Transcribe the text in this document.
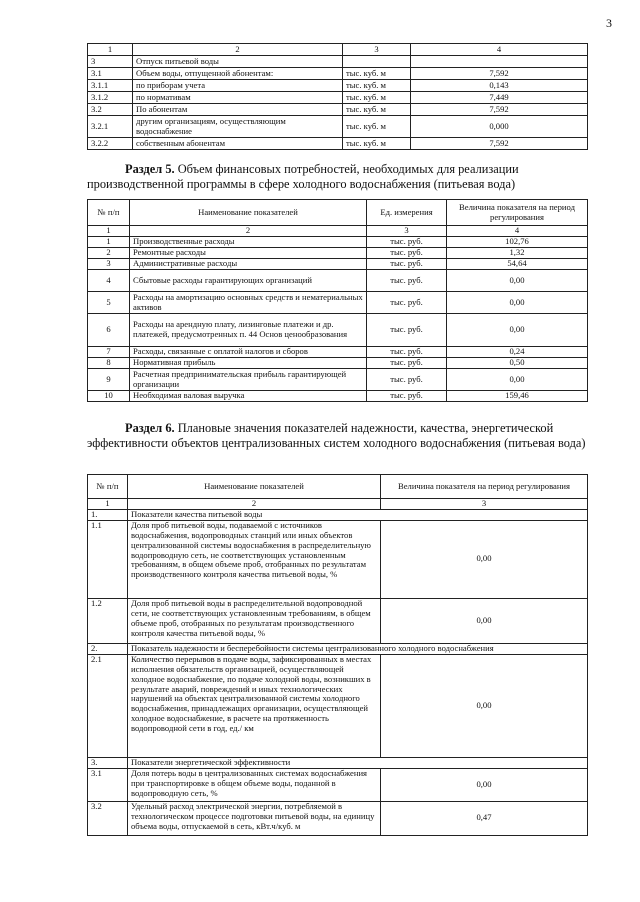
3
1	2	3	4
3	Отпуск питьевой воды		
3.1	Объем воды, отпущенной абонентам:	тыс. куб. м	7,592
3.1.1	по приборам учета	тыс. куб. м	0,143
3.1.2	по нормативам	тыс. куб. м	7,449
3.2	По абонентам	тыс. куб. м	7,592
3.2.1	другим организациям, осуществляющим водоснабжение	тыс. куб. м	0,000
3.2.2	собственным абонентам	тыс. куб. м	7,592
Раздел 5. Объем финансовых потребностей, необходимых для реализации производственной программы в сфере холодного водоснабжения (питьевая вода)
№ п/п	Наименование показателей	Ед. измерения	Величина показателя на период регулирования
1	2	3	4
1	Производственные расходы	тыс. руб.	102,76
2	Ремонтные расходы	тыс. руб.	1,32
3	Административные расходы	тыс. руб.	54,64
4	Сбытовые расходы гарантирующих организаций	тыс. руб.	0,00
5	Расходы на амортизацию основных средств и нематериальных активов	тыс. руб.	0,00
6	Расходы на арендную плату, лизинговые платежи и др. платежей, предусмотренных п. 44 Основ ценообразования	тыс. руб.	0,00
7	Расходы, связанные с оплатой налогов и сборов	тыс. руб.	0,24
8	Нормативная прибыль	тыс. руб.	0,50
9	Расчетная предпринимательская прибыль гарантирующей организации	тыс. руб.	0,00
10	Необходимая валовая выручка	тыс. руб.	159,46
Раздел 6. Плановые значения показателей надежности, качества, энергетической эффективности объектов централизованных систем холодного водоснабжения (питьевая вода)
№ п/п	Наименование показателей	Величина показателя на период регулирования
1	2	3
1.	Показатели качества питьевой воды	
1.1	Доля проб питьевой воды, подаваемой с источников водоснабжения, водопроводных станций или иных объектов централизованной системы водоснабжения в распределительную водопроводную сеть, не соответствующих установленным требованиям, в общем объеме проб, отобранных по результатам производственного контроля качества питьевой воды, %	0,00
1.2	Доля проб питьевой воды в распределительной водопроводной сети, не соответствующих установленным требованиям, в общем объеме проб, отобранных по результатам производственного контроля качества питьевой воды, %	0,00
2.	Показатель надежности и бесперебойности системы централизованного холодного водоснабжения	
2.1	Количество перерывов в подаче воды, зафиксированных в местах исполнения обязательств организацией, осуществляющей холодное водоснабжение, по подаче холодной воды, возникших в результате аварий, повреждений и иных технологических нарушений на объектах централизованной системы холодного водоснабжения, принадлежащих организации, осуществляющей холодное водоснабжение, в расчете на протяженность водопроводной сети в год, ед./ км	0,00
3.	Показатели энергетической эффективности	
3.1	Доля потерь воды в централизованных системах водоснабжения при транспортировке в общем объеме воды, поданной в водопроводную сеть, %	0,00
3.2	Удельный расход электрической энергии, потребляемой в технологическом процессе подготовки питьевой воды, на единицу объема воды, отпускаемой в сеть, кВт.ч/куб. м	0,47
